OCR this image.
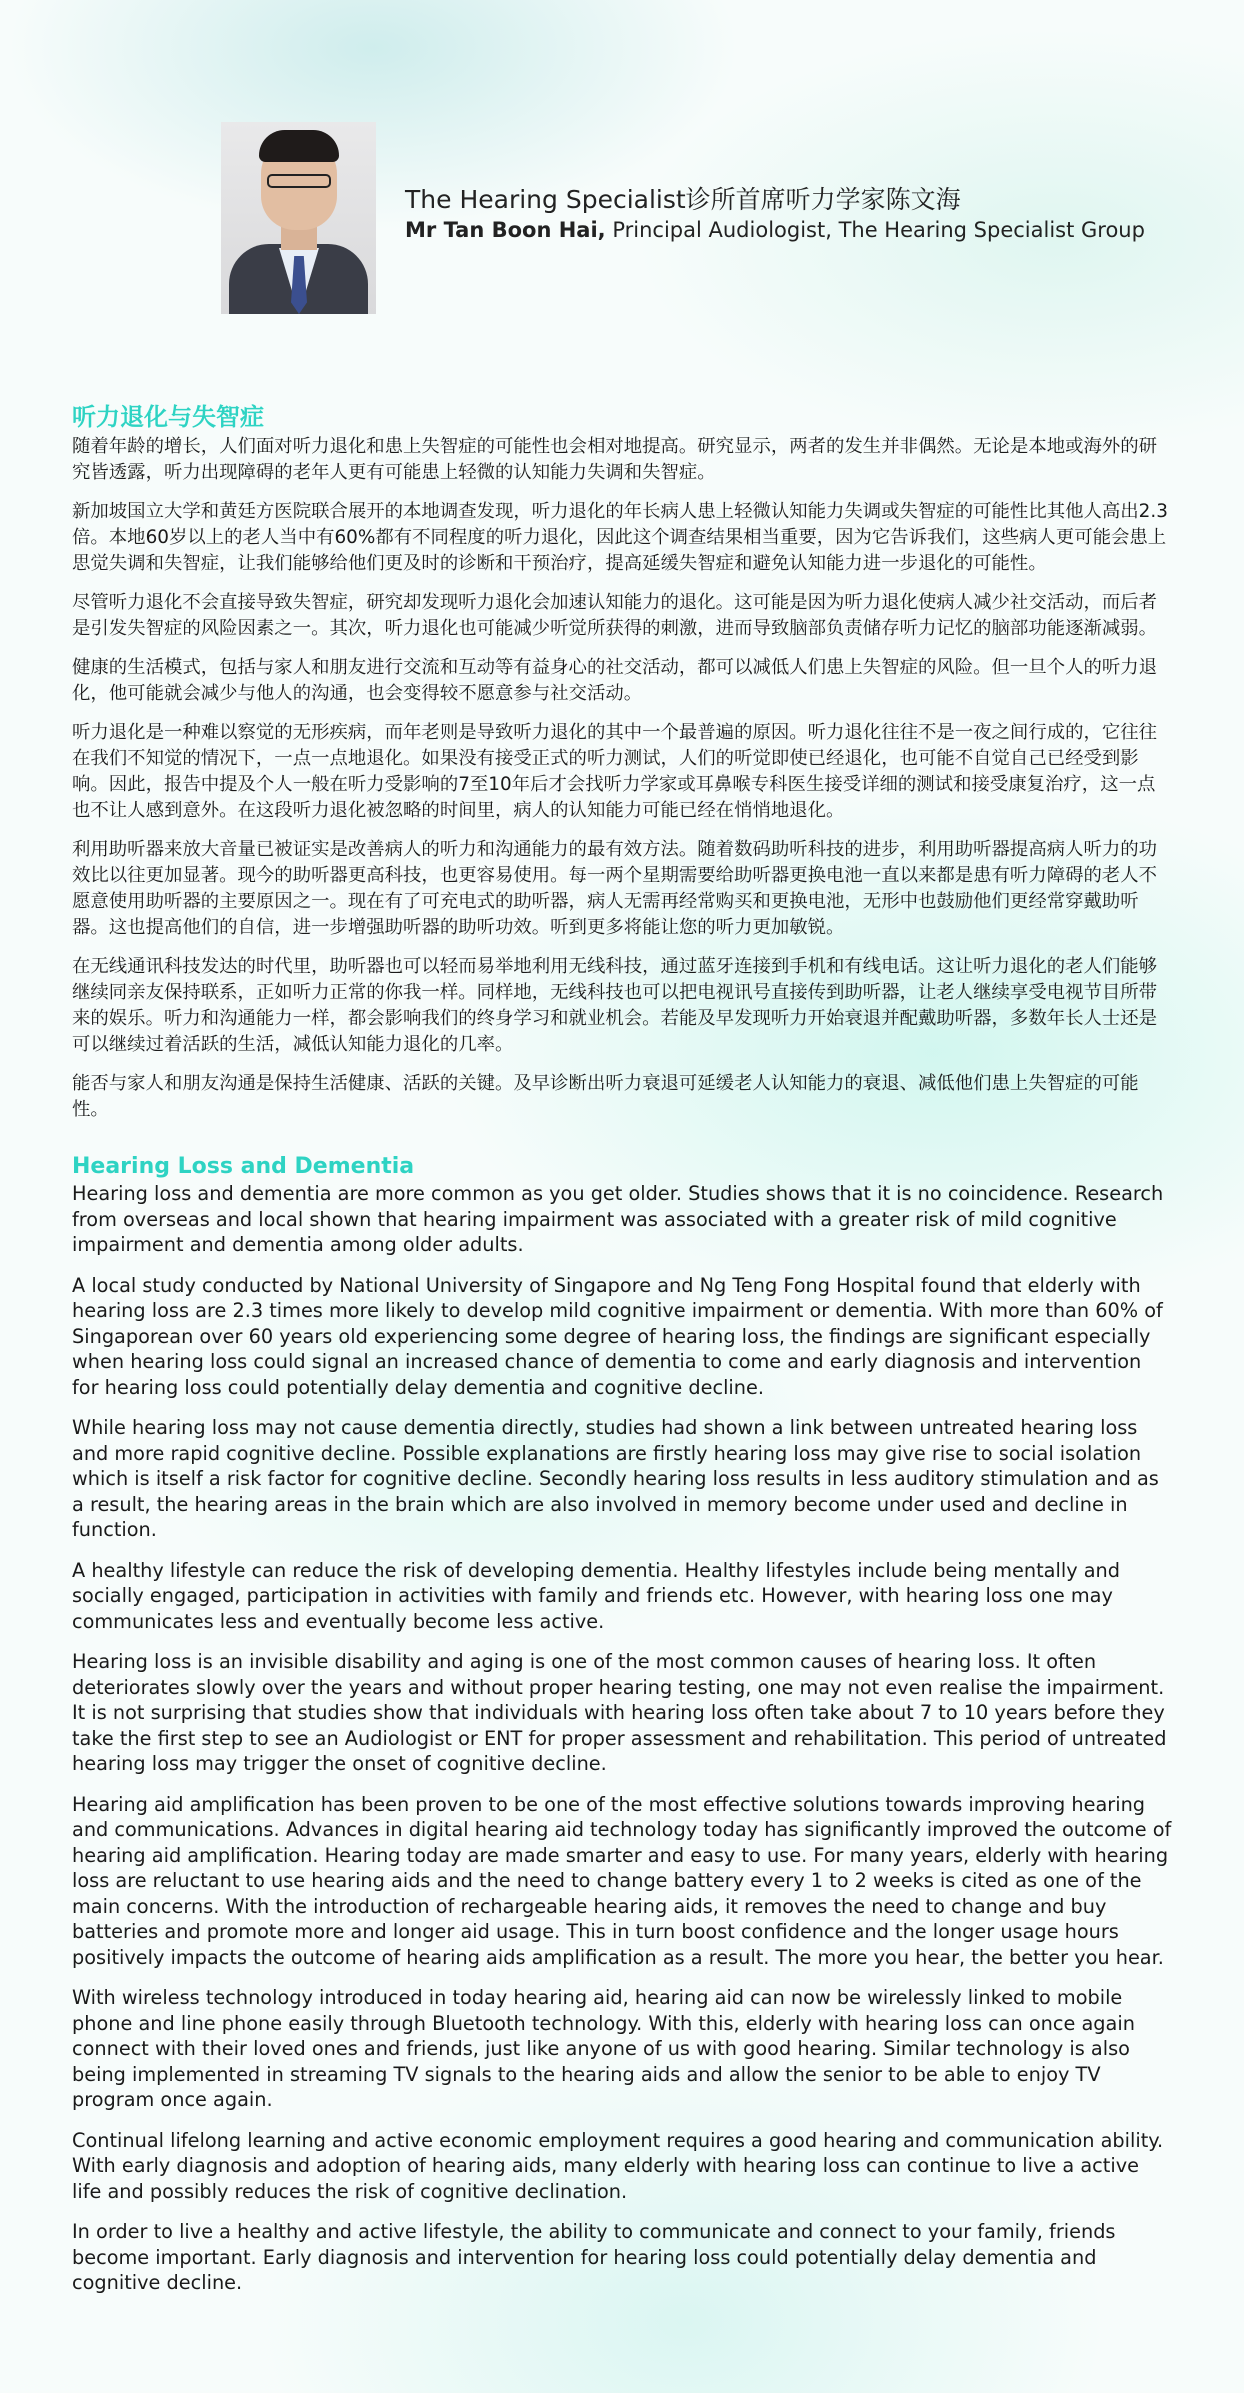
The Hearing Specialist诊所首席听力学家陈文海
Mr Tan Boon Hai, Principal Audiologist, The Hearing Specialist Group
听力退化与失智症

随着年龄的增长，人们面对听力退化和患上失智症的可能性也会相对地提高。研究显示，两者的发生并非偶然。无论是本地或海外的研究皆透露，听力出现障碍的老年人更有可能患上轻微的认知能力失调和失智症。

新加坡国立大学和黄廷方医院联合展开的本地调查发现，听力退化的年长病人患上轻微认知能力失调或失智症的可能性比其他人高出2.3倍。本地60岁以上的老人当中有60%都有不同程度的听力退化，因此这个调查结果相当重要，因为它告诉我们，这些病人更可能会患上思觉失调和失智症，让我们能够给他们更及时的诊断和干预治疗，提高延缓失智症和避免认知能力进一步退化的可能性。

尽管听力退化不会直接导致失智症，研究却发现听力退化会加速认知能力的退化。这可能是因为听力退化使病人减少社交活动，而后者是引发失智症的风险因素之一。其次，听力退化也可能减少听觉所获得的刺激，进而导致脑部负责储存听力记忆的脑部功能逐渐减弱。

健康的生活模式，包括与家人和朋友进行交流和互动等有益身心的社交活动，都可以减低人们患上失智症的风险。但一旦个人的听力退化，他可能就会减少与他人的沟通，也会变得较不愿意参与社交活动。

听力退化是一种难以察觉的无形疾病，而年老则是导致听力退化的其中一个最普遍的原因。听力退化往往不是一夜之间行成的，它往往在我们不知觉的情况下，一点一点地退化。如果没有接受正式的听力测试，人们的听觉即使已经退化，也可能不自觉自己已经受到影响。因此，报告中提及个人一般在听力受影响的7至10年后才会找听力学家或耳鼻喉专科医生接受详细的测试和接受康复治疗，这一点也不让人感到意外。在这段听力退化被忽略的时间里，病人的认知能力可能已经在悄悄地退化。

利用助听器来放大音量已被证实是改善病人的听力和沟通能力的最有效方法。随着数码助听科技的进步，利用助听器提高病人听力的功效比以往更加显著。现今的助听器更高科技，也更容易使用。每一两个星期需要给助听器更换电池一直以来都是患有听力障碍的老人不愿意使用助听器的主要原因之一。现在有了可充电式的助听器，病人无需再经常购买和更换电池，无形中也鼓励他们更经常穿戴助听器。这也提高他们的自信，进一步增强助听器的助听功效。听到更多将能让您的听力更加敏锐。

在无线通讯科技发达的时代里，助听器也可以轻而易举地利用无线科技，通过蓝牙连接到手机和有线电话。这让听力退化的老人们能够继续同亲友保持联系，正如听力正常的你我一样。同样地，无线科技也可以把电视讯号直接传到助听器，让老人继续享受电视节目所带来的娱乐。听力和沟通能力一样，都会影响我们的终身学习和就业机会。若能及早发现听力开始衰退并配戴助听器，多数年长人士还是可以继续过着活跃的生活，减低认知能力退化的几率。

能否与家人和朋友沟通是保持生活健康、活跃的关键。及早诊断出听力衰退可延缓老人认知能力的衰退、减低他们患上失智症的可能性。

Hearing Loss and Dementia

Hearing loss and dementia are more common as you get older. Studies shows that it is no coincidence. Research from overseas and local shown that hearing impairment was associated with a greater risk of mild cognitive impairment and dementia among older adults.

A local study conducted by National University of Singapore and Ng Teng Fong Hospital found that elderly with hearing loss are 2.3 times more likely to develop mild cognitive impairment or dementia. With more than 60% of Singaporean over 60 years old experiencing some degree of hearing loss, the findings are significant especially when hearing loss could signal an increased chance of dementia to come and early diagnosis and intervention for hearing loss could potentially delay dementia and cognitive decline.

While hearing loss may not cause dementia directly, studies had shown a link between untreated hearing loss and more rapid cognitive decline. Possible explanations are firstly hearing loss may give rise to social isolation which is itself a risk factor for cognitive decline. Secondly hearing loss results in less auditory stimulation and as a result, the hearing areas in the brain which are also involved in memory become under used and decline in function.

A healthy lifestyle can reduce the risk of developing dementia. Healthy lifestyles include being mentally and socially engaged, participation in activities with family and friends etc. However, with hearing loss one may communicates less and eventually become less active.

Hearing loss is an invisible disability and aging is one of the most common causes of hearing loss. It often deteriorates slowly over the years and without proper hearing testing, one may not even realise the impairment. It is not surprising that studies show that individuals with hearing loss often take about 7 to 10 years before they take the first step to see an Audiologist or ENT for proper assessment and rehabilitation. This period of untreated hearing loss may trigger the onset of cognitive decline.

Hearing aid amplification has been proven to be one of the most effective solutions towards improving hearing and communications. Advances in digital hearing aid technology today has significantly improved the outcome of hearing aid amplification. Hearing today are made smarter and easy to use. For many years, elderly with hearing loss are reluctant to use hearing aids and the need to change battery every 1 to 2 weeks is cited as one of the main concerns. With the introduction of rechargeable hearing aids, it removes the need to change and buy batteries and promote more and longer aid usage. This in turn boost confidence and the longer usage hours positively impacts the outcome of hearing aids amplification as a result. The more you hear, the better you hear.

With wireless technology introduced in today hearing aid, hearing aid can now be wirelessly linked to mobile phone and line phone easily through Bluetooth technology. With this, elderly with hearing loss can once again connect with their loved ones and friends, just like anyone of us with good hearing. Similar technology is also being implemented in streaming TV signals to the hearing aids and allow the senior to be able to enjoy TV program once again.

Continual lifelong learning and active economic employment requires a good hearing and communication ability. With early diagnosis and adoption of hearing aids, many elderly with hearing loss can continue to live a active life and possibly reduces the risk of cognitive declination.

In order to live a healthy and active lifestyle, the ability to communicate and connect to your family, friends become important. Early diagnosis and intervention for hearing loss could potentially delay dementia and cognitive decline.
